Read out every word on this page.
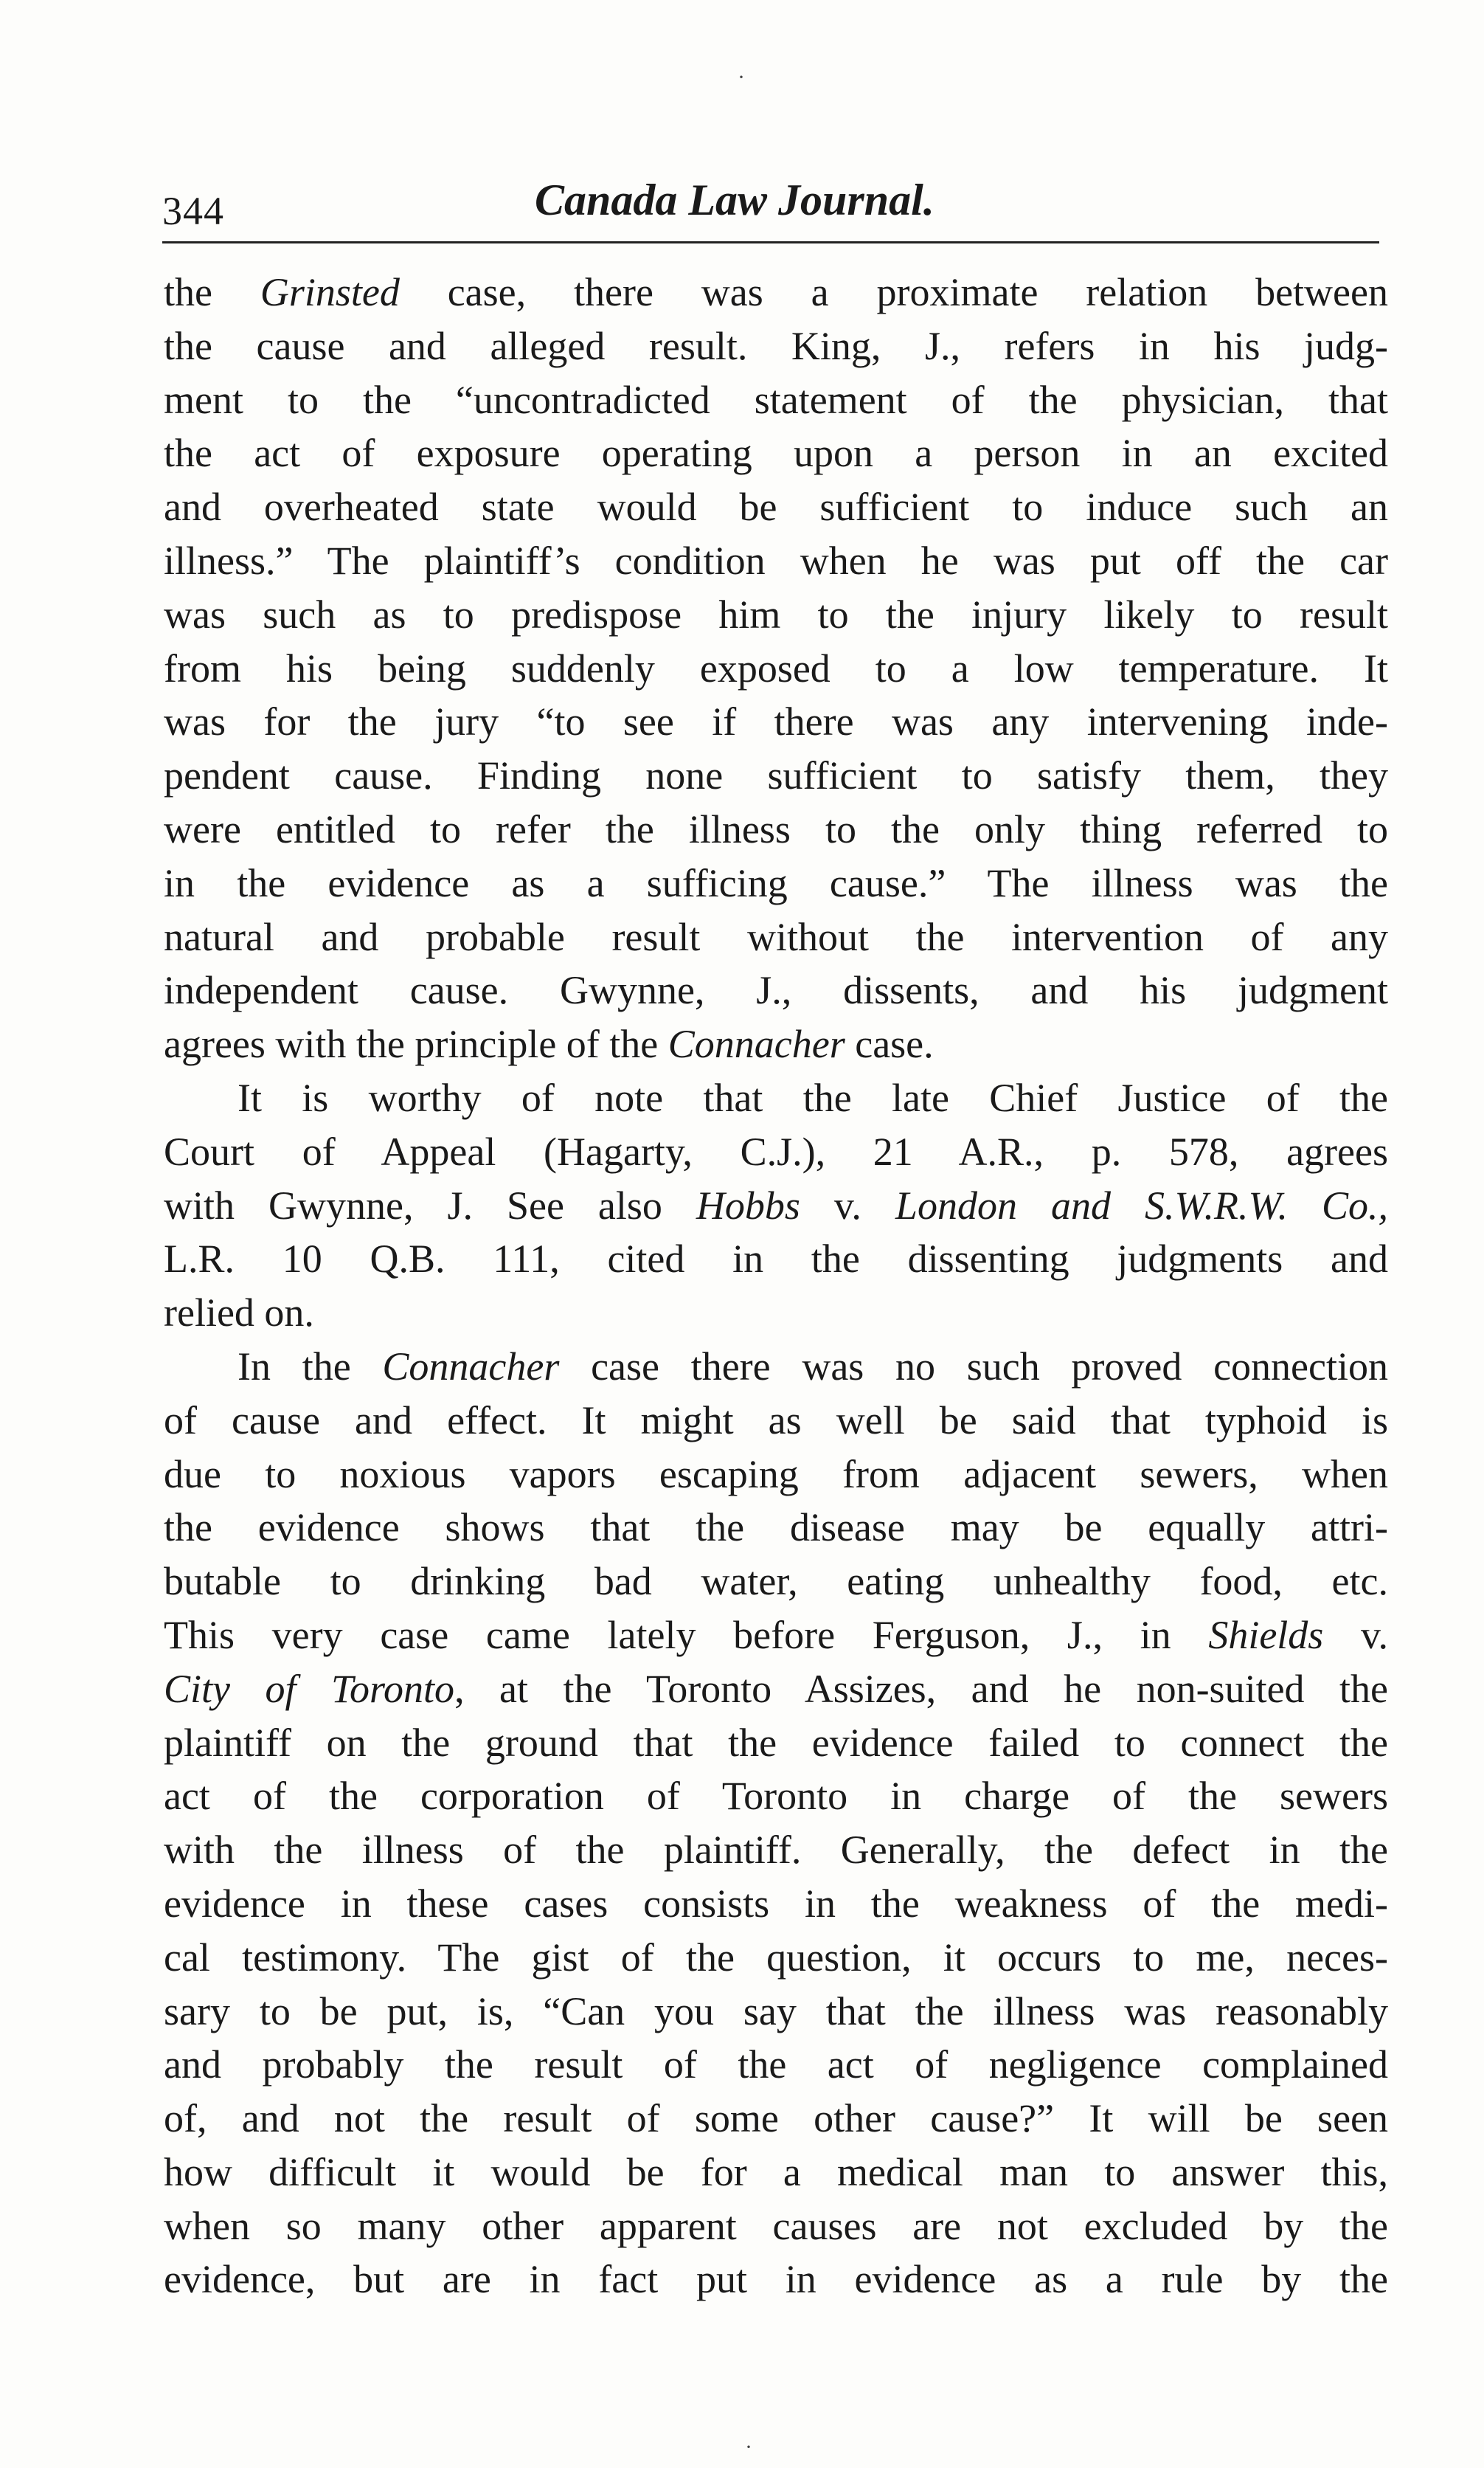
344	Canada Law Journal.
the Grinsted case, there was a proximate relation between
the cause and alleged result. King, J., refers in his judg-
ment to the “uncontradicted statement of the physician, that
the act of exposure operating upon a person in an excited
and overheated state would be sufficient to induce such an
illness.” The plaintiff’s condition when he was put off the car
was such as to predispose him to the injury likely to result
from his being suddenly exposed to a low temperature. It
was for the jury “to see if there was any intervening inde-
pendent cause. Finding none sufficient to satisfy them, they
were entitled to refer the illness to the only thing referred to
in the evidence as a sufficing cause.” The illness was the
natural and probable result without the intervention of any
independent cause. Gwynne, J., dissents, and his judgment
agrees with the principle of the Connacher case.
It is worthy of note that the late Chief Justice of the
Court of Appeal (Hagarty, C.J.), 21 A.R., p. 578, agrees
with Gwynne, J. See also Hobbs v. London and S.W.R.W. Co.,
L.R. 10 Q.B. 111, cited in the dissenting judgments and
relied on.
In the Connacher case there was no such proved connection
of cause and effect. It might as well be said that typhoid is
due to noxious vapors escaping from adjacent sewers, when
the evidence shows that the disease may be equally attri-
butable to drinking bad water, eating unhealthy food, etc.
This very case came lately before Ferguson, J., in Shields v.
City of Toronto, at the Toronto Assizes, and he non-suited the
plaintiff on the ground that the evidence failed to connect the
act of the corporation of Toronto in charge of the sewers
with the illness of the plaintiff. Generally, the defect in the
evidence in these cases consists in the weakness of the medi-
cal testimony. The gist of the question, it occurs to me, neces-
sary to be put, is, “Can you say that the illness was reasonably
and probably the result of the act of negligence complained
of, and not the result of some other cause?” It will be seen
how difficult it would be for a medical man to answer this,
when so many other apparent causes are not excluded by the
evidence, but are in fact put in evidence as a rule by the
·
·
